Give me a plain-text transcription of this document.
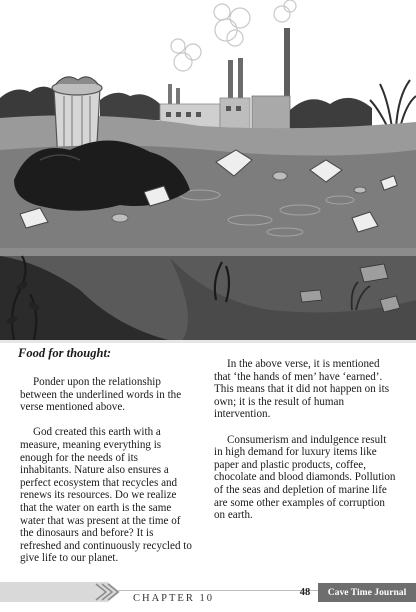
Food for thought:

Ponder upon the relationship between the underlined words in the verse mentioned above.

God created this earth with a measure, meaning everything is enough for the needs of its inhabitants. Nature also ensures a perfect ecosystem that recycles and renews its resources. Do we realize that the water on earth is the same water that was present at the time of the dinosaurs and before? It is refreshed and continuously recycled to give life to our planet.

In the above verse, it is mentioned that ‘the hands of men’ have ‘earned’. This means that it did not happen on its own; it is the result of human intervention.

Consumerism and indulgence result in high demand for luxury items like paper and plastic products, coffee, chocolate and blood diamonds. Pollution of the seas and depletion of marine life are some other examples of corruption on earth.

CHAPTER 10
48	Cave Time Journal
